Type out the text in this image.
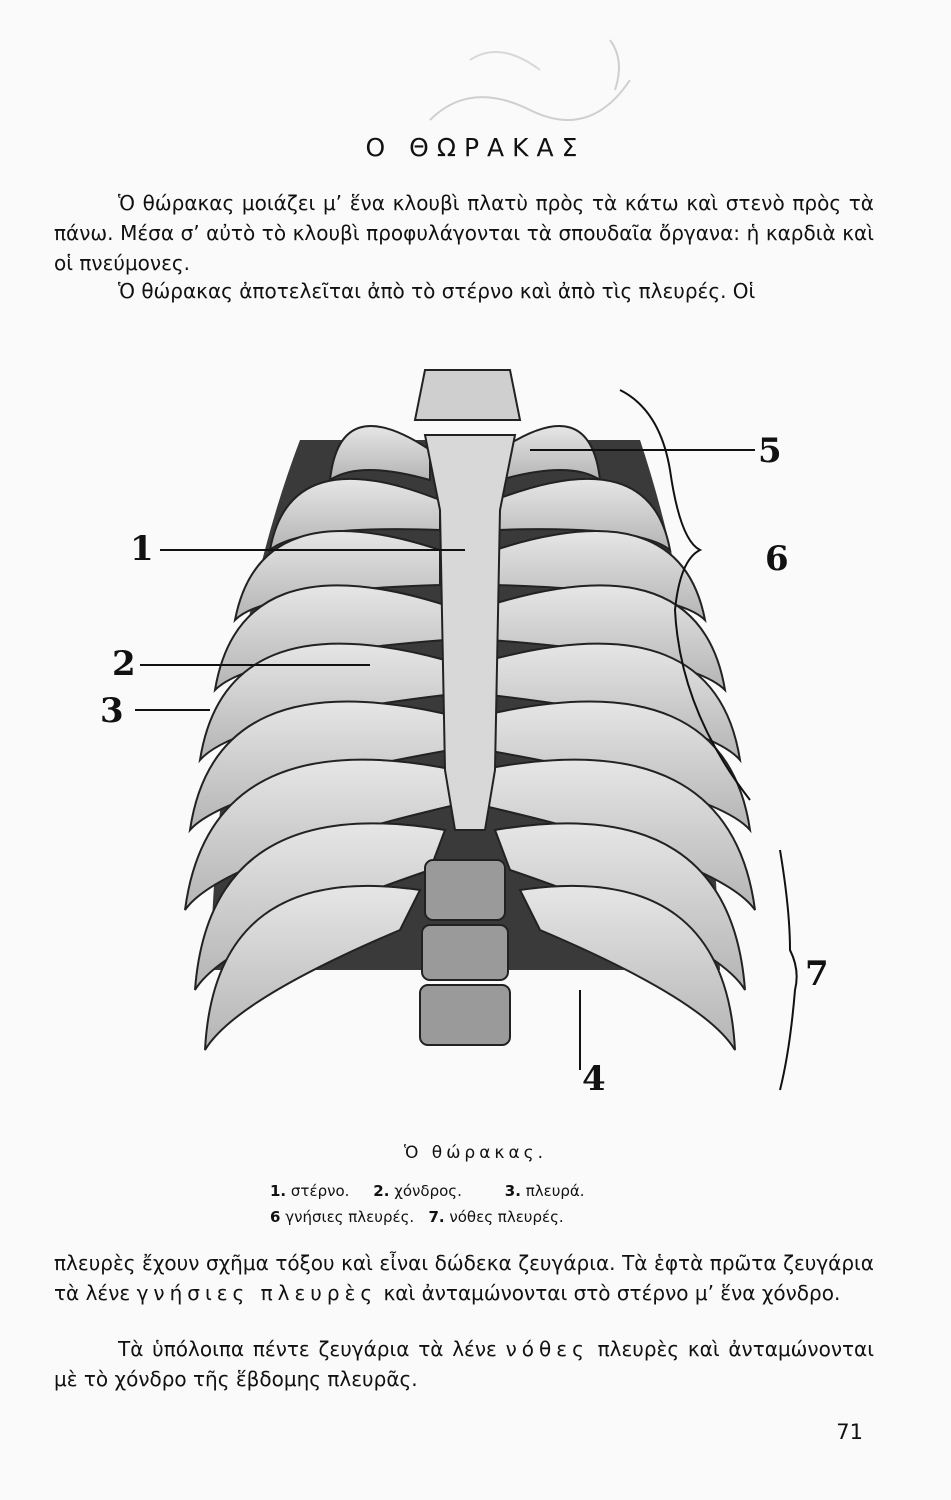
Ο ΘΩΡΑΚΑΣ

Ὁ θώρακας μοιάζει μ’ ἕνα κλουβὶ πλατὺ πρὸς τὰ κάτω καὶ στενὸ πρὸς τὰ πάνω. Μέσα σ’ αὐτὸ τὸ κλουβὶ προφυλάγονται τὰ σπουδαῖα ὄργανα: ἡ καρδιὰ καὶ οἱ πνεύμονες.

Ὁ θώρακας ἀποτελεῖται ἀπὸ τὸ στέρνο καὶ ἀπὸ τὶς πλευρές. Οἱ

1
2
3
4
5
6
7
Ὁ θώρακας.
1. στέρνο. 2. χόνδρος.	3. πλευρά.
6 γνήσιες πλευρές. 7. νόθες πλευρές.

πλευρὲς ἔχουν σχῆμα τόξου καὶ εἶναι δώδεκα ζευγάρια. Τὰ ἑφτὰ πρῶτα ζευγάρια τὰ λένε γνήσιες πλευρὲς καὶ ἀνταμώνονται στὸ στέρνο μ’ ἕνα χόνδρο.

Τὰ ὑπόλοιπα πέντε ζευγάρια τὰ λένε νόθες πλευρὲς καὶ ἀνταμώνονται μὲ τὸ χόνδρο τῆς ἕβδομης πλευρᾶς.

71
